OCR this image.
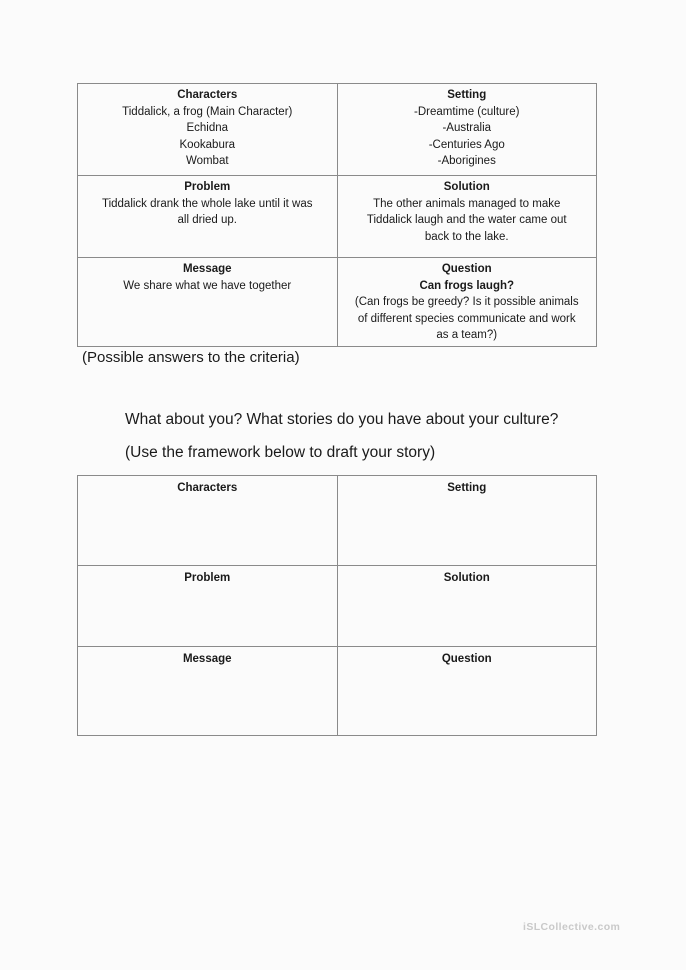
Characters
Tiddalick, a frog (Main Character)
Echidna
Kookabura
Wombat	Setting
-Dreamtime (culture)
-Australia
-Centuries Ago
-Aborigines

Problem
Tiddalick drank the whole lake until it was
all dried up.	Solution
The other animals managed to make
Tiddalick laugh and the water came out
back to the lake.

Message
We share what we have together	Question
Can frogs laugh?
(Can frogs be greedy? Is it possible animals
of different species communicate and work
as a team?)
(Possible answers to the criteria)
What about you? What stories do you have about your culture?
(Use the framework below to draft your story)
Characters	Setting

Problem	Solution

Message	Question
iSLCollective.com
